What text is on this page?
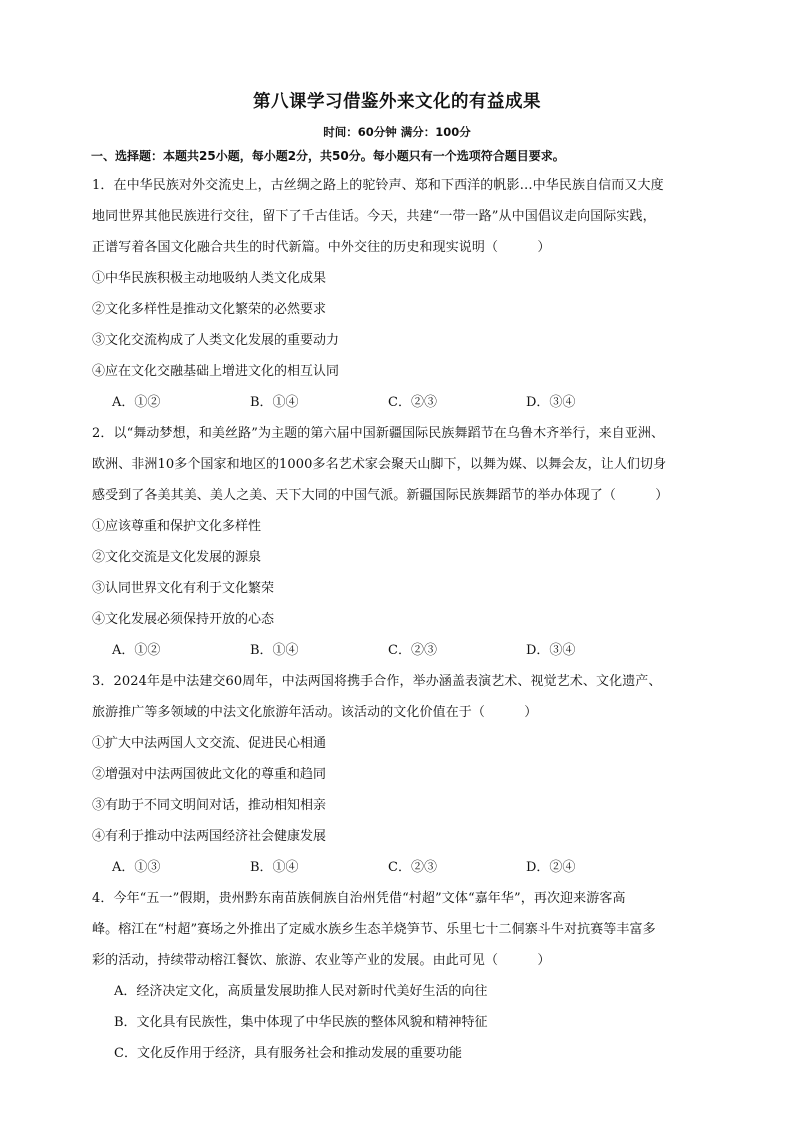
第八课学习借鉴外来文化的有益成果
时间：60分钟 满分：100分
一、选择题：本题共25小题，每小题2分，共50分。每小题只有一个选项符合题目要求。
1．在中华民族对外交流史上，古丝绸之路上的驼铃声、郑和下西洋的帆影…中华民族自信而又大度
地同世界其他民族进行交往，留下了千古佳话。今天，共建“一带一路”从中国倡议走向国际实践，
正谱写着各国文化融合共生的时代新篇。中外交往的历史和现实说明（　　　）
①中华民族积极主动地吸纳人类文化成果
②文化多样性是推动文化繁荣的必然要求
③文化交流构成了人类文化发展的重要动力
④应在文化交融基础上增进文化的相互认同
A．①②	B．①④	C．②③	D．③④
2．以“舞动梦想，和美丝路”为主题的第六届中国新疆国际民族舞蹈节在乌鲁木齐举行，来自亚洲、
欧洲、非洲10多个国家和地区的1000多名艺术家会聚天山脚下，以舞为媒、以舞会友，让人们切身
感受到了各美其美、美人之美、天下大同的中国气派。新疆国际民族舞蹈节的举办体现了（　　　）
①应该尊重和保护文化多样性
②文化交流是文化发展的源泉
③认同世界文化有利于文化繁荣
④文化发展必须保持开放的心态
A．①②	B．①④	C．②③	D．③④
3．2024年是中法建交60周年，中法两国将携手合作，举办涵盖表演艺术、视觉艺术、文化遗产、
旅游推广等多领域的中法文化旅游年活动。该活动的文化价值在于（　　　）
①扩大中法两国人文交流、促进民心相通
②增强对中法两国彼此文化的尊重和趋同
③有助于不同文明间对话，推动相知相亲
④有利于推动中法两国经济社会健康发展
A．①③	B．①④	C．②③	D．②④
4．今年“五一”假期，贵州黔东南苗族侗族自治州凭借“村超”文体“嘉年华”，再次迎来游客高
峰。榕江在“村超”赛场之外推出了定威水族乡生态羊烧笋节、乐里七十二侗寨斗牛对抗赛等丰富多
彩的活动，持续带动榕江餐饮、旅游、农业等产业的发展。由此可见（　　　）
A．经济决定文化，高质量发展助推人民对新时代美好生活的向往
B．文化具有民族性，集中体现了中华民族的整体风貌和精神特征
C．文化反作用于经济，具有服务社会和推动发展的重要功能
